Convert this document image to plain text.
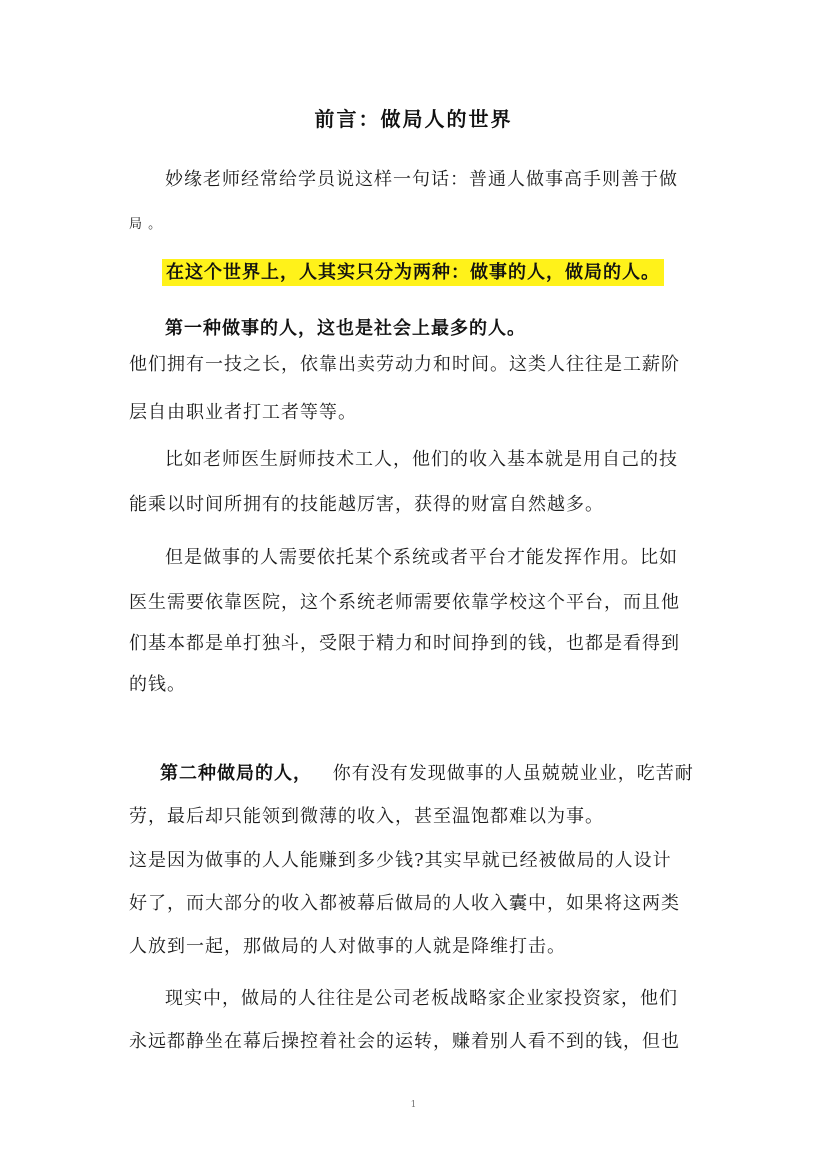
前言：做局人的世界
妙缘老师经常给学员说这样一句话：普通人做事高手则善于做
局 。
在这个世界上，人其实只分为两种：做事的人，做局的人。
第一种做事的人，这也是社会上最多的人。
他们拥有一技之长，依靠出卖劳动力和时间。这类人往往是工薪阶
层自由职业者打工者等等。
比如老师医生厨师技术工人，他们的收入基本就是用自己的技
能乘以时间所拥有的技能越厉害，获得的财富自然越多。
但是做事的人需要依托某个系统或者平台才能发挥作用。比如
医生需要依靠医院，这个系统老师需要依靠学校这个平台，而且他
们基本都是单打独斗，受限于精力和时间挣到的钱，也都是看得到
的钱。
第二种做局的人， 你有没有发现做事的人虽兢兢业业，吃苦耐
劳，最后却只能领到微薄的收入，甚至温饱都难以为事。
这是因为做事的人人能赚到多少钱?其实早就已经被做局的人设计
好了，而大部分的收入都被幕后做局的人收入囊中，如果将这两类
人放到一起，那做局的人对做事的人就是降维打击。
现实中，做局的人往往是公司老板战略家企业家投资家，他们
永远都静坐在幕后操控着社会的运转，赚着别人看不到的钱，但也
1
